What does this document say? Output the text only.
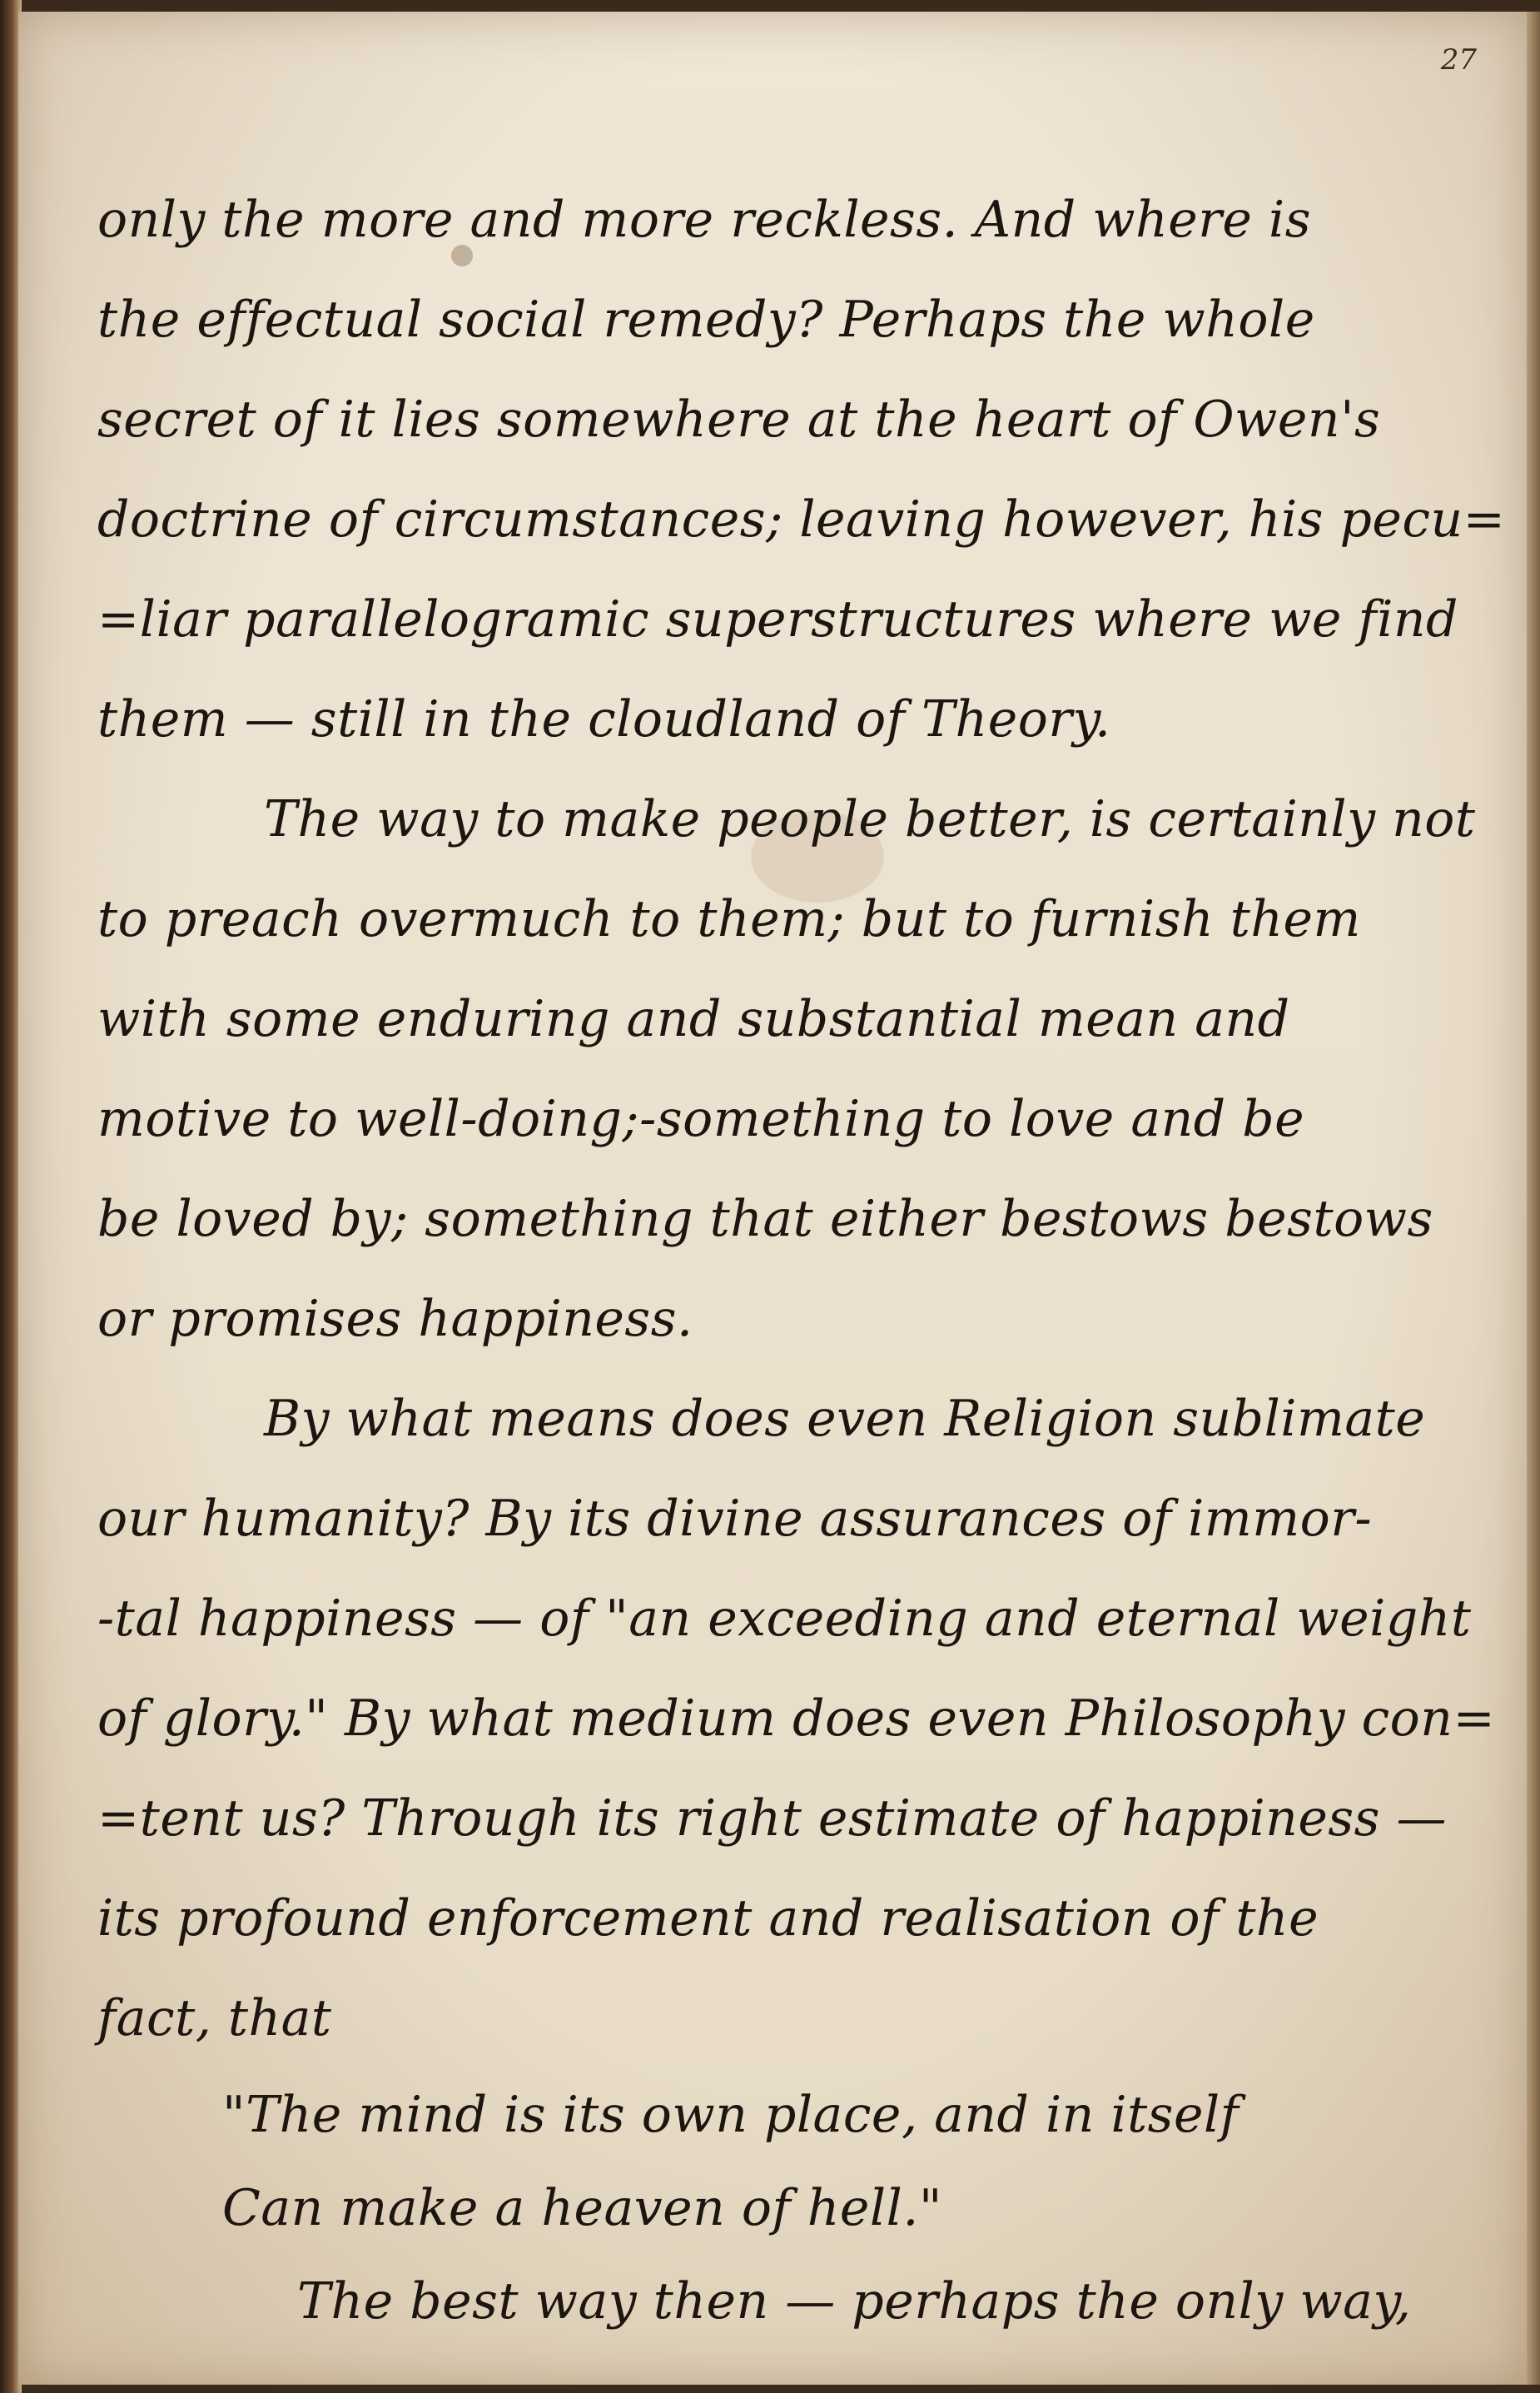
27
only the more and more reckless. And where is
the effectual social remedy? Perhaps the whole
secret of it lies somewhere at the heart of Owen's
doctrine of circumstances; leaving however, his pecu=
=liar parallelogramic superstructures where we find
them — still in the cloudland of Theory.
The way to make people better, is certainly not
to preach overmuch to them; but to furnish them
with some enduring and substantial mean and
motive to well-doing;-something to love and be
be loved by; something that either bestows bestows
or promises happiness.
By what means does even Religion sublimate
our humanity? By its divine assurances of immor-
-tal happiness — of "an exceeding and eternal weight
of glory." By what medium does even Philosophy con=
=tent us? Through its right estimate of happiness —
its profound enforcement and realisation of the
fact, that
"The mind is its own place, and in itself
Can make a heaven of hell."
The best way then — perhaps the only way,
